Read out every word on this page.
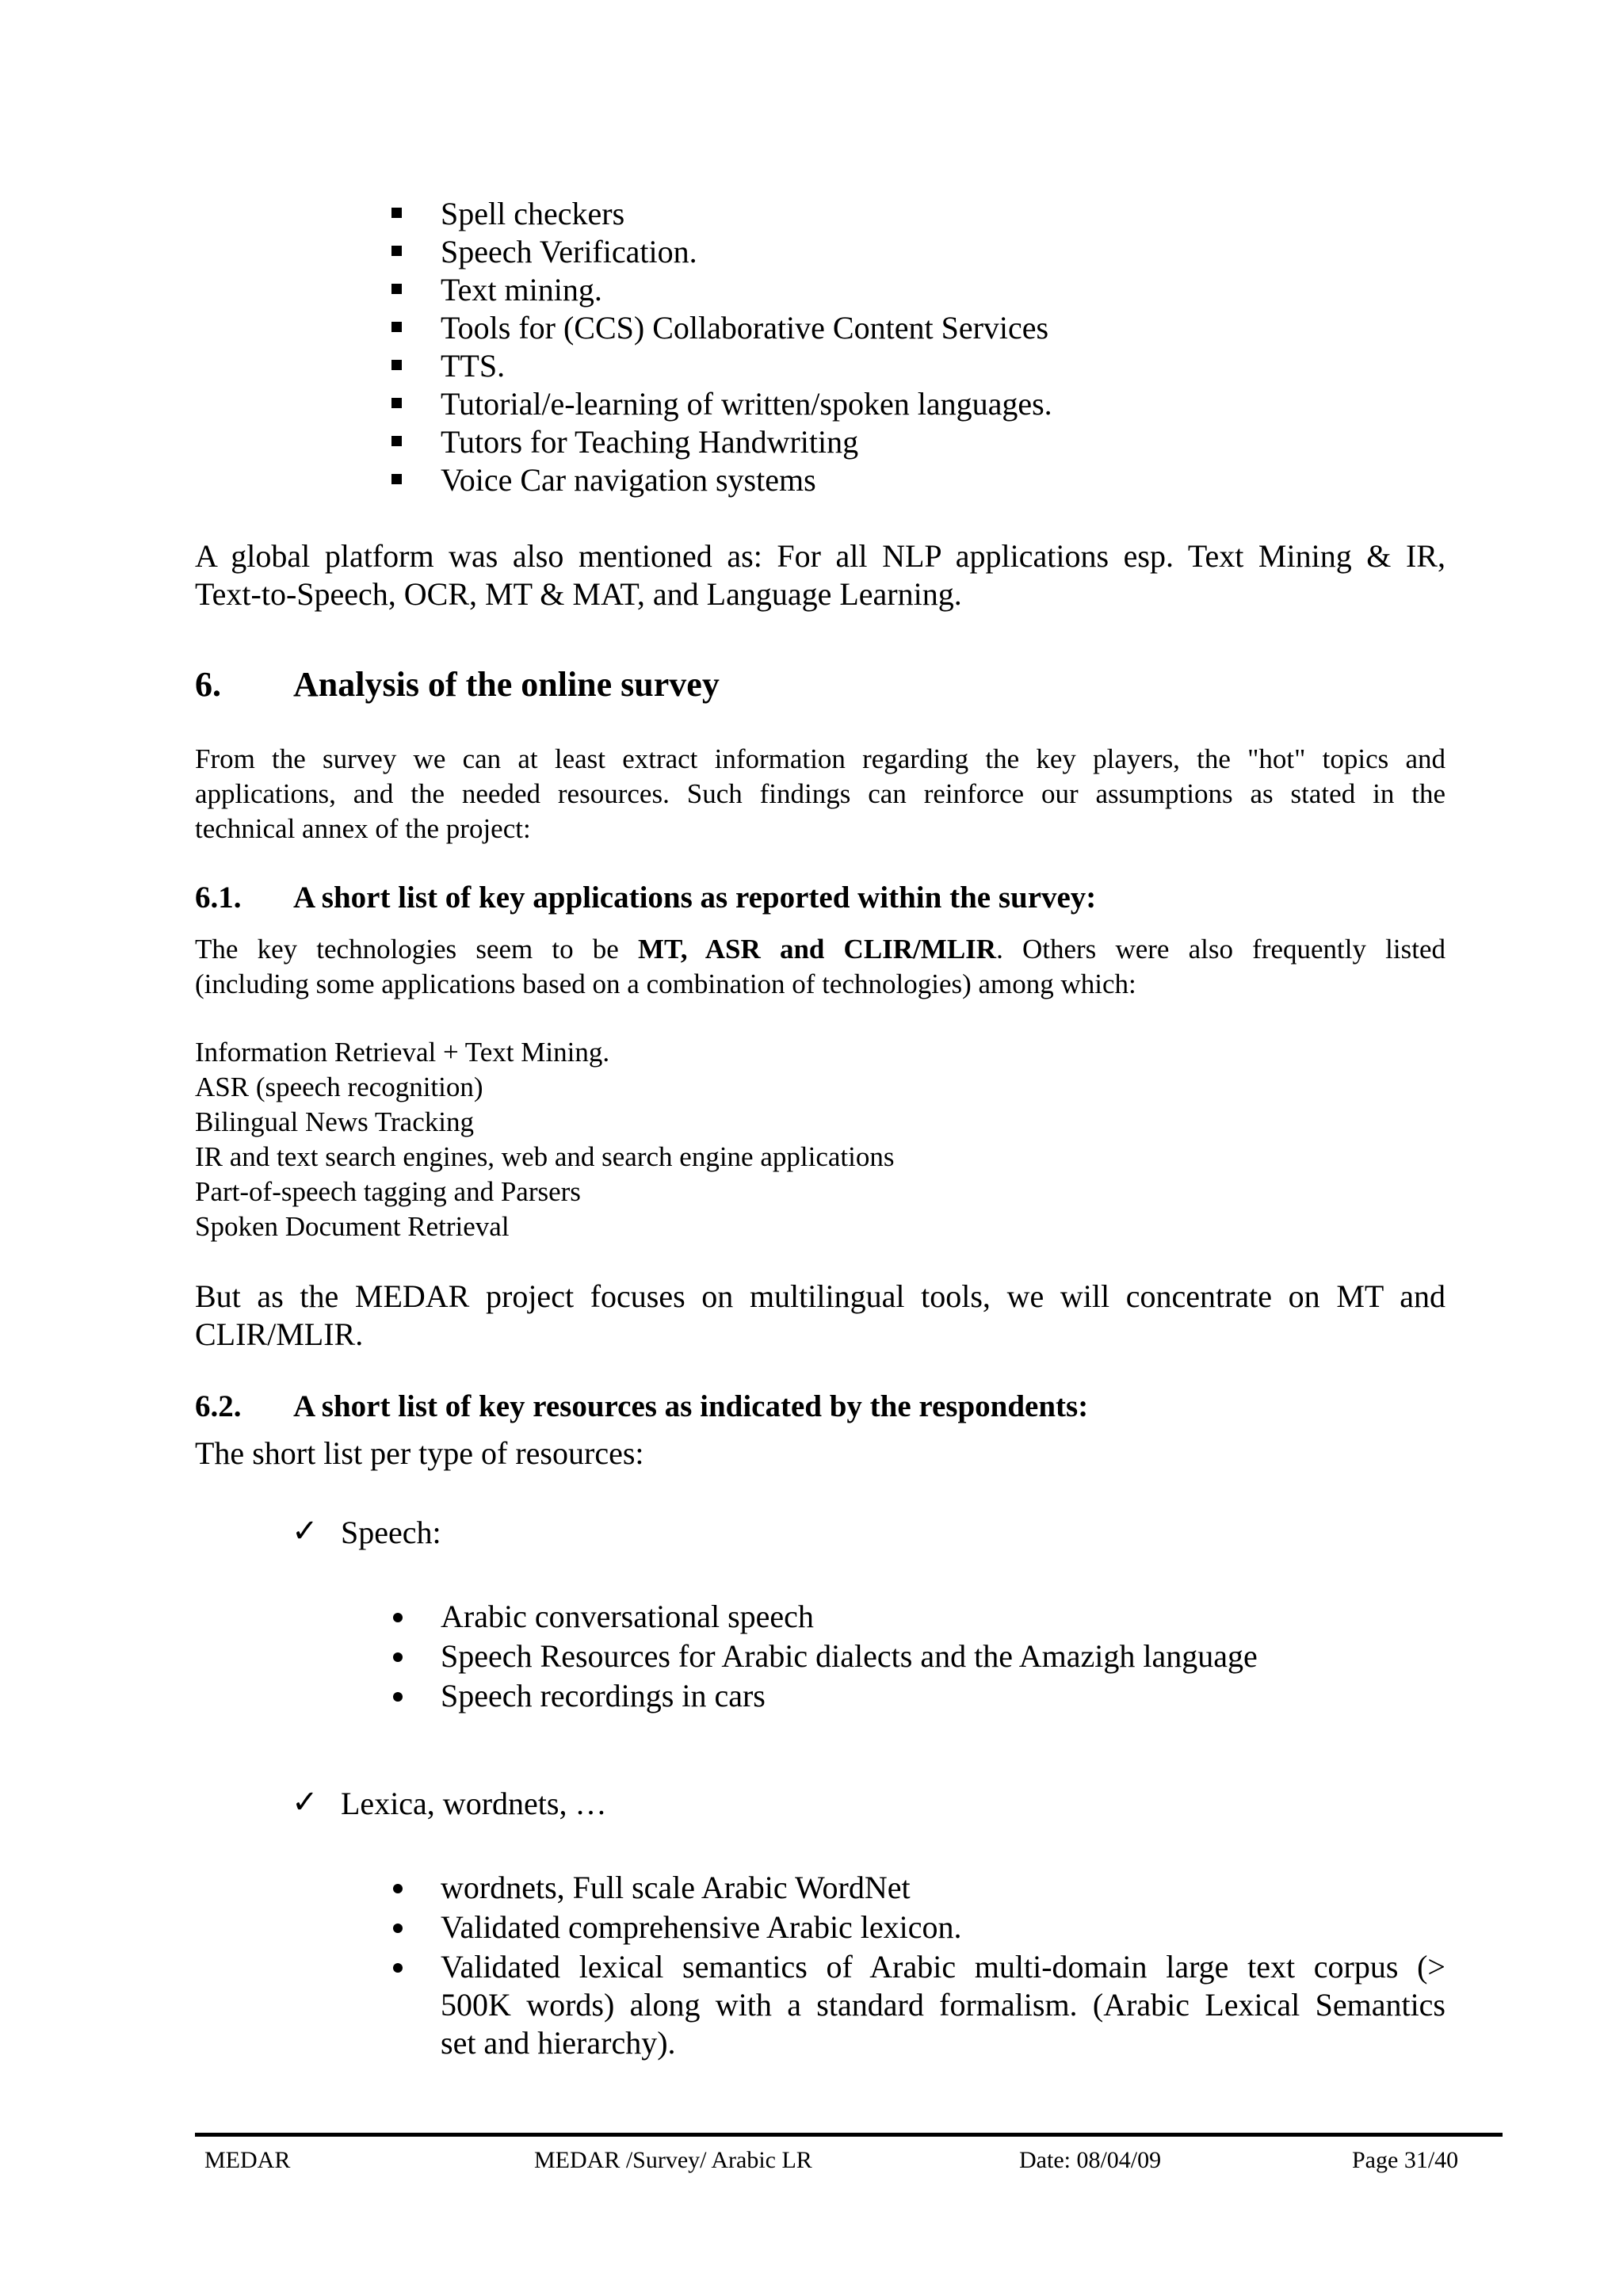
Spell checkers
Speech Verification.
Text mining.
Tools for (CCS) Collaborative Content Services
TTS.
Tutorial/e-learning of written/spoken languages.
Tutors for Teaching Handwriting
Voice Car navigation systems
A global platform was also mentioned as: For all NLP applications esp. Text Mining & IR,
Text-to-Speech, OCR, MT & MAT, and Language Learning.
6. Analysis of the online survey
From the survey we can at least extract information regarding the key players, the "hot" topics and
applications, and the needed resources. Such findings can reinforce our assumptions as stated in the
technical annex of the project:
6.1. A short list of key applications as reported within the survey:
The key technologies seem to be MT, ASR and CLIR/MLIR. Others were also frequently listed
(including some applications based on a combination of technologies) among which:
Information Retrieval + Text Mining.
ASR (speech recognition)
Bilingual News Tracking
IR and text search engines, web and search engine applications
Part-of-speech tagging and Parsers
Spoken Document Retrieval
But as the MEDAR project focuses on multilingual tools, we will concentrate on MT and
CLIR/MLIR.
6.2. A short list of key resources as indicated by the respondents:
The short list per type of resources:
✓ Speech:
Arabic conversational speech
Speech Resources for Arabic dialects and the Amazigh language
Speech recordings in cars
✓ Lexica, wordnets, …
wordnets, Full scale Arabic WordNet
Validated comprehensive Arabic lexicon.
Validated lexical semantics of Arabic multi-domain large text corpus (>
500K words) along with a standard formalism. (Arabic Lexical Semantics
set and hierarchy).
MEDAR	MEDAR /Survey/ Arabic LR	Date: 08/04/09	Page 31/40
